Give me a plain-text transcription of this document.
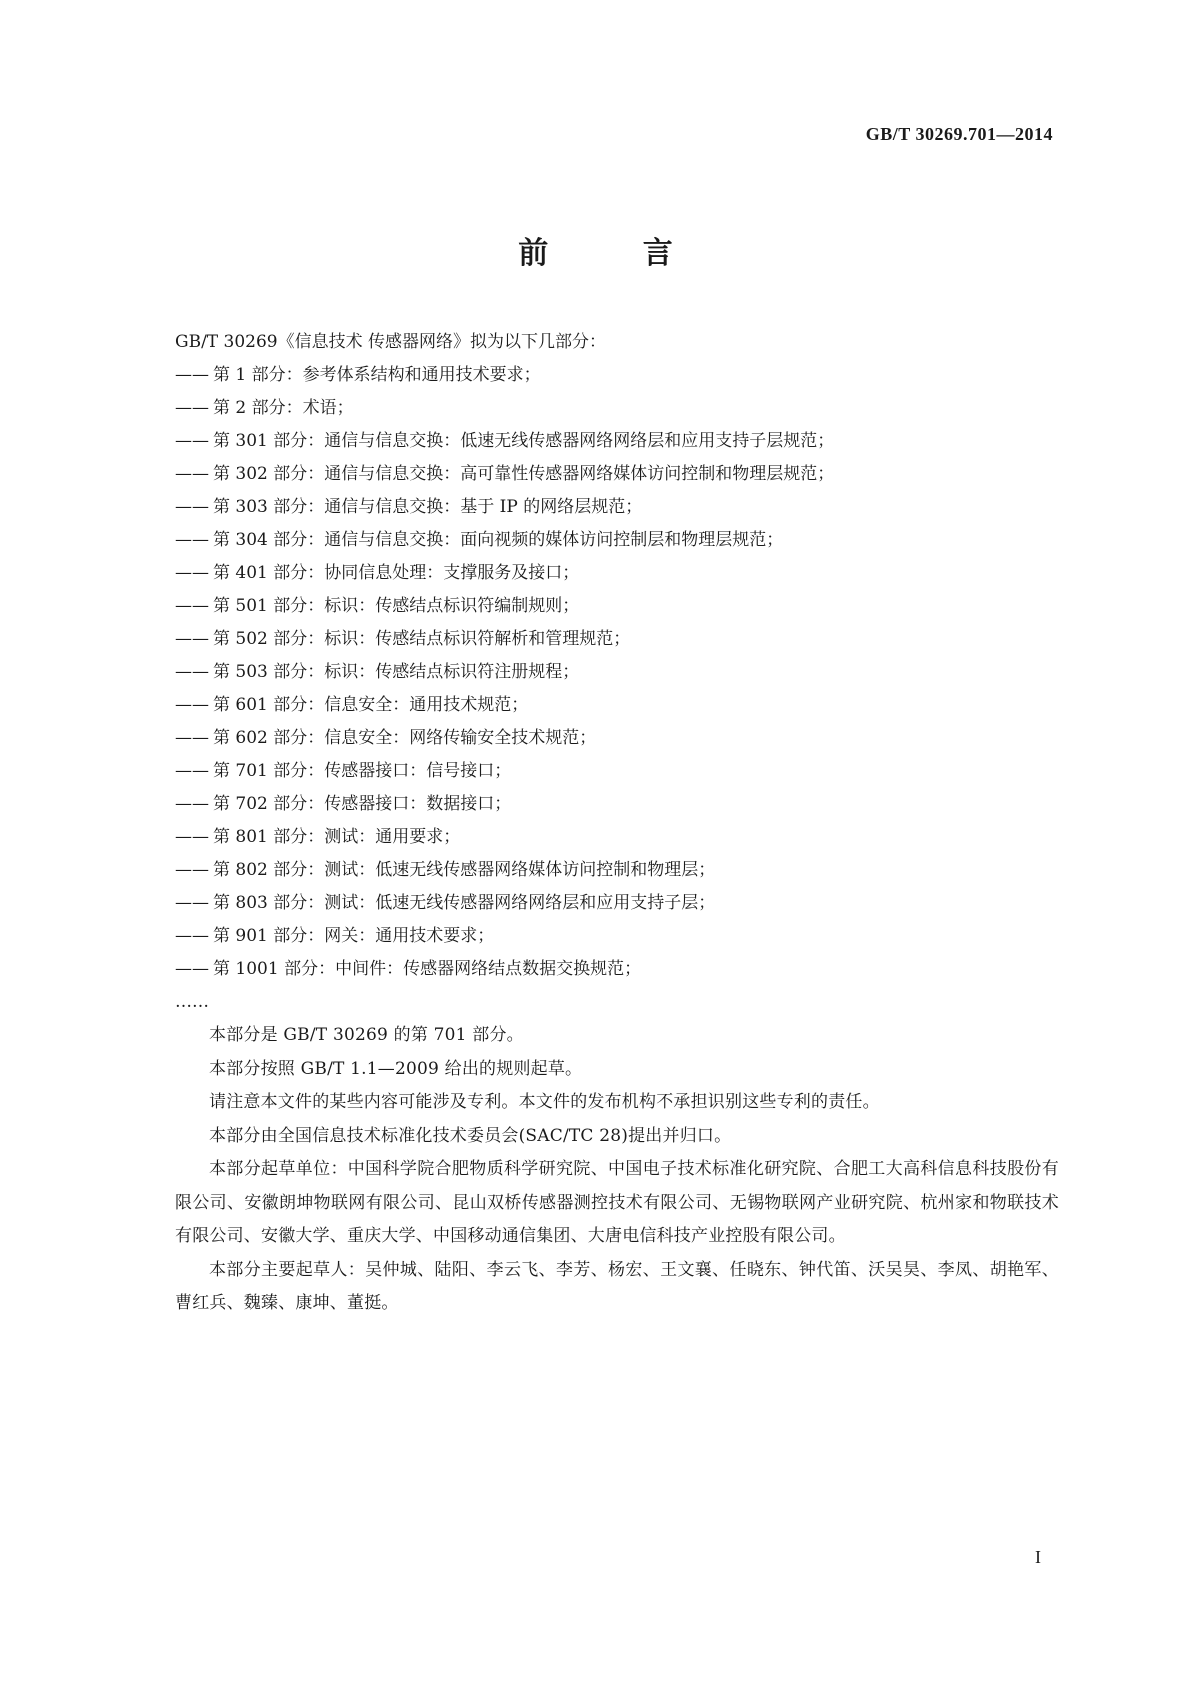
GB/T 30269.701—2014
前 言
GB/T 30269《信息技术 传感器网络》拟为以下几部分：
—— 第 1 部分：参考体系结构和通用技术要求；
—— 第 2 部分：术语；
—— 第 301 部分：通信与信息交换：低速无线传感器网络网络层和应用支持子层规范；
—— 第 302 部分：通信与信息交换：高可靠性传感器网络媒体访问控制和物理层规范；
—— 第 303 部分：通信与信息交换：基于 IP 的网络层规范；
—— 第 304 部分：通信与信息交换：面向视频的媒体访问控制层和物理层规范；
—— 第 401 部分：协同信息处理：支撑服务及接口；
—— 第 501 部分：标识：传感结点标识符编制规则；
—— 第 502 部分：标识：传感结点标识符解析和管理规范；
—— 第 503 部分：标识：传感结点标识符注册规程；
—— 第 601 部分：信息安全：通用技术规范；
—— 第 602 部分：信息安全：网络传输安全技术规范；
—— 第 701 部分：传感器接口：信号接口；
—— 第 702 部分：传感器接口：数据接口；
—— 第 801 部分：测试：通用要求；
—— 第 802 部分：测试：低速无线传感器网络媒体访问控制和物理层；
—— 第 803 部分：测试：低速无线传感器网络网络层和应用支持子层；
—— 第 901 部分：网关：通用技术要求；
—— 第 1001 部分：中间件：传感器网络结点数据交换规范；
……

本部分是 GB/T 30269 的第 701 部分。

本部分按照 GB/T 1.1—2009 给出的规则起草。

请注意本文件的某些内容可能涉及专利。本文件的发布机构不承担识别这些专利的责任。

本部分由全国信息技术标准化技术委员会(SAC/TC 28)提出并归口。

本部分起草单位：中国科学院合肥物质科学研究院、中国电子技术标准化研究院、合肥工大高科信息科技股份有限公司、安徽朗坤物联网有限公司、昆山双桥传感器测控技术有限公司、无锡物联网产业研究院、杭州家和物联技术有限公司、安徽大学、重庆大学、中国移动通信集团、大唐电信科技产业控股有限公司。

本部分主要起草人：吴仲城、陆阳、李云飞、李芳、杨宏、王文襄、任晓东、钟代笛、沃吴昊、李凤、胡艳军、曹红兵、魏臻、康坤、董挺。

I
